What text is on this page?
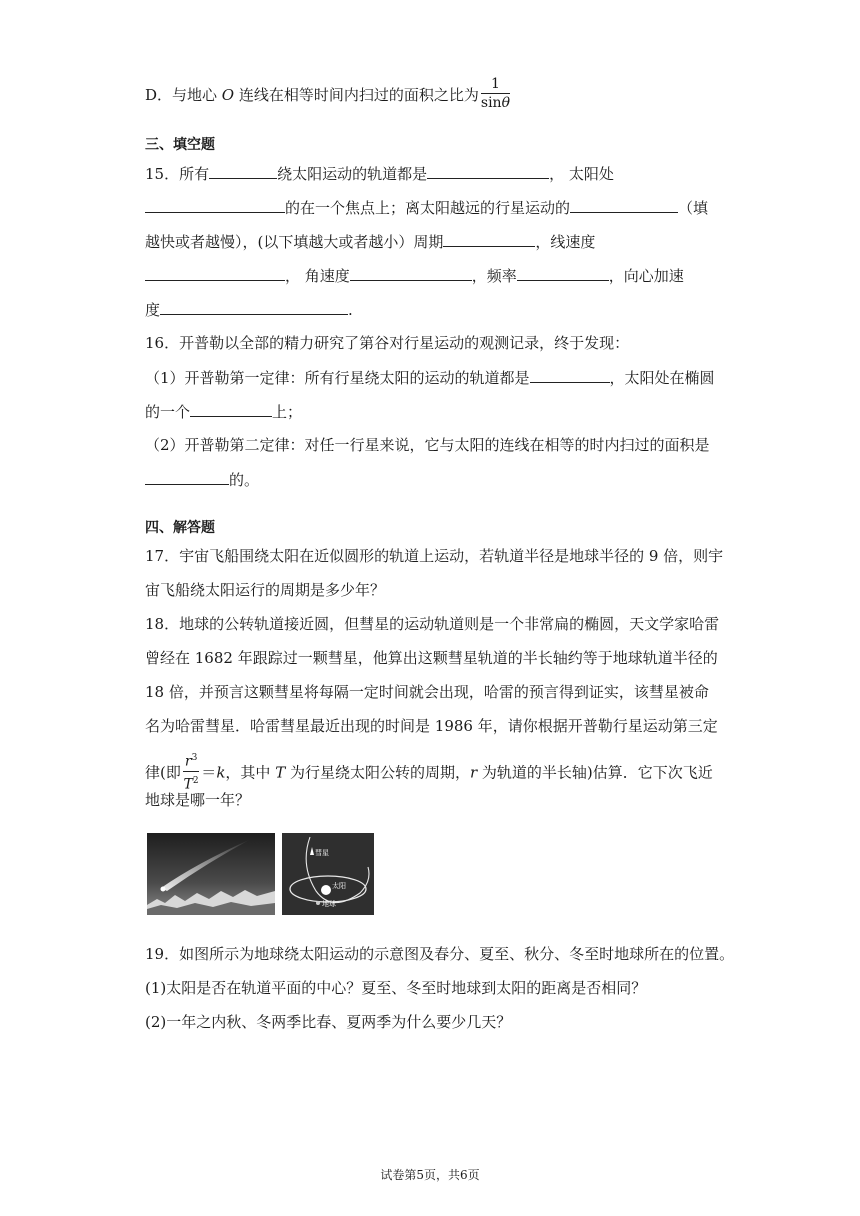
D．与地心 O 连线在相等时间内扫过的面积之比为 $\frac{1}{\sin\theta}$
三、填空题
15．所有	绕太阳运动的轨道都是	， 太阳处
的在一个焦点上；离太阳越远的行星运动的	（填
越快或者越慢），(以下填越大或者越小）周期	，线速度
， 角速度	，频率	，向心加速
度	.
16．开普勒以全部的精力研究了第谷对行星运动的观测记录，终于发现：
（1）开普勒第一定律：所有行星绕太阳的运动的轨道都是	，太阳处在椭圆
的一个	上；
（2）开普勒第二定律：对任一行星来说，它与太阳的连线在相等的时内扫过的面积是
的。
四、解答题
17．宇宙飞船围绕太阳在近似圆形的轨道上运动，若轨道半径是地球半径的 9 倍，则宇
宙飞船绕太阳运行的周期是多少年？
18．地球的公转轨道接近圆，但彗星的运动轨道则是一个非常扁的椭圆，天文学家哈雷
曾经在 1682 年跟踪过一颗彗星，他算出这颗彗星轨道的半长轴约等于地球轨道半径的
18 倍，并预言这颗彗星将每隔一定时间就会出现，哈雷的预言得到证实，该彗星被命
名为哈雷彗星．哈雷彗星最近出现的时间是 1986 年，请你根据开普勒行星运动第三定
律(即 $\frac{r^3}{T^2} =k$，其中 T 为行星绕太阳公转的周期，r 为轨道的半长轴)估算．它下次飞近
地球是哪一年？
彗星
太阳
地球
19．如图所示为地球绕太阳运动的示意图及春分、夏至、秋分、冬至时地球所在的位置。
(1)太阳是否在轨道平面的中心？夏至、冬至时地球到太阳的距离是否相同？
(2)一年之内秋、冬两季比春、夏两季为什么要少几天？
试卷第5页，共6页
